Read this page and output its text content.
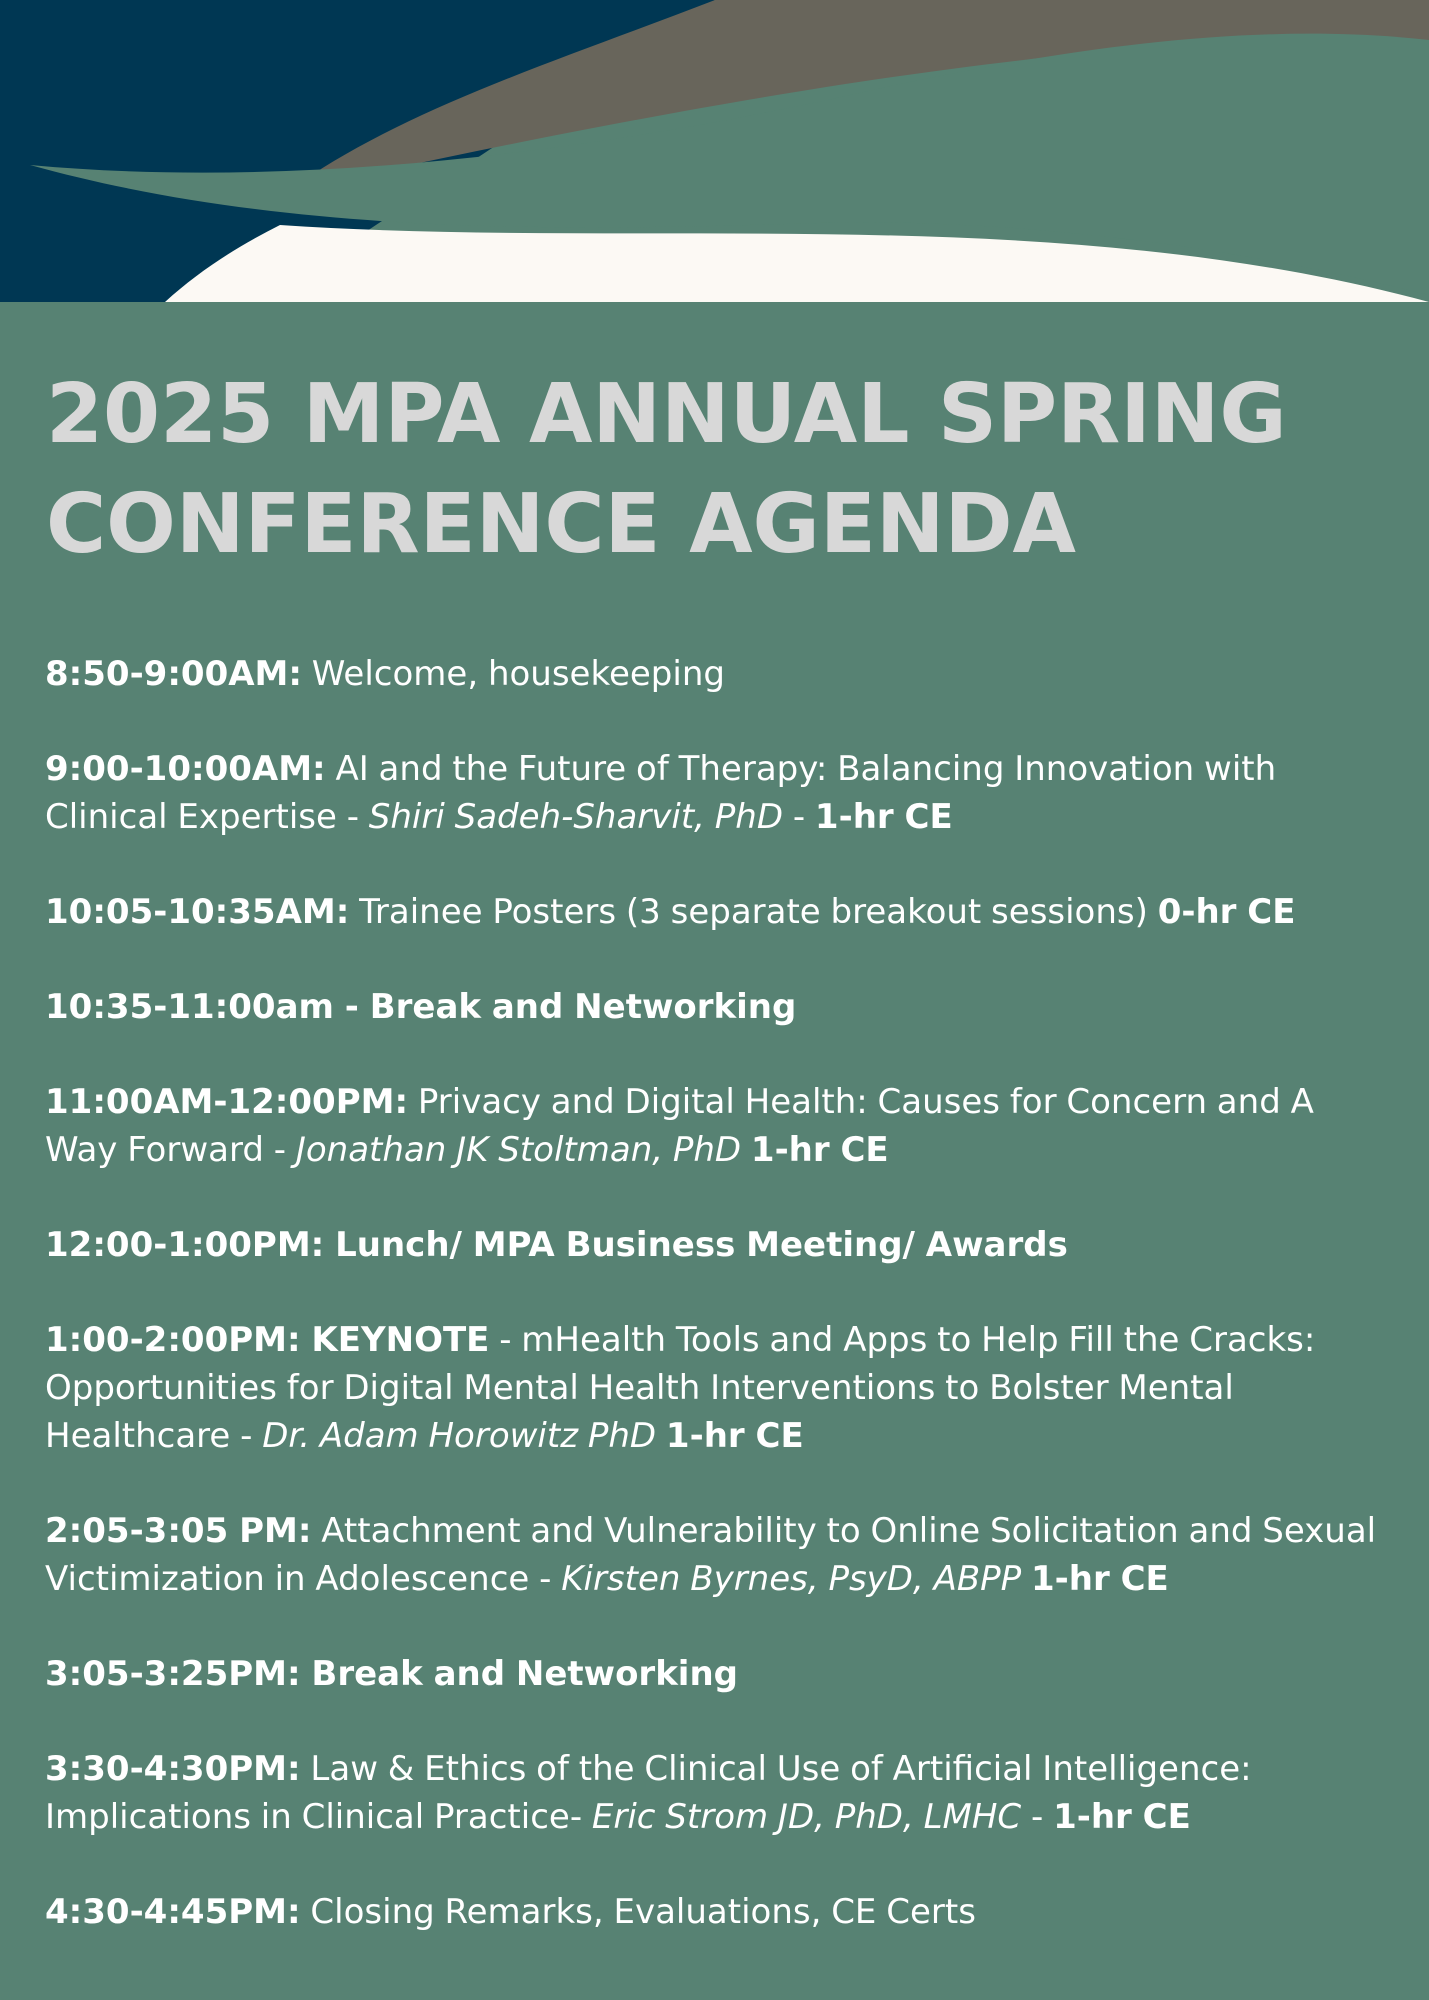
2025 MPA ANNUAL SPRING
CONFERENCE AGENDA

8:50-9:00AM: Welcome, housekeeping

9:00-10:00AM: AI and the Future of Therapy: Balancing Innovation with Clinical Expertise - Shiri Sadeh-Sharvit, PhD - 1-hr CE

10:05-10:35AM: Trainee Posters (3 separate breakout sessions) 0-hr CE

10:35-11:00am - Break and Networking

11:00AM-12:00PM: Privacy and Digital Health: Causes for Concern and A Way Forward - Jonathan JK Stoltman, PhD 1-hr CE

12:00-1:00PM: Lunch/ MPA Business Meeting/ Awards

1:00-2:00PM: KEYNOTE - mHealth Tools and Apps to Help Fill the Cracks: Opportunities for Digital Mental Health Interventions to Bolster Mental Healthcare - Dr. Adam Horowitz PhD 1-hr CE

2:05-3:05 PM: Attachment and Vulnerability to Online Solicitation and Sexual Victimization in Adolescence - Kirsten Byrnes, PsyD, ABPP 1-hr CE

3:05-3:25PM: Break and Networking

3:30-4:30PM: Law & Ethics of the Clinical Use of Artificial Intelligence: Implications in Clinical Practice- Eric Strom JD, PhD, LMHC - 1-hr CE

4:30-4:45PM: Closing Remarks, Evaluations, CE Certs
